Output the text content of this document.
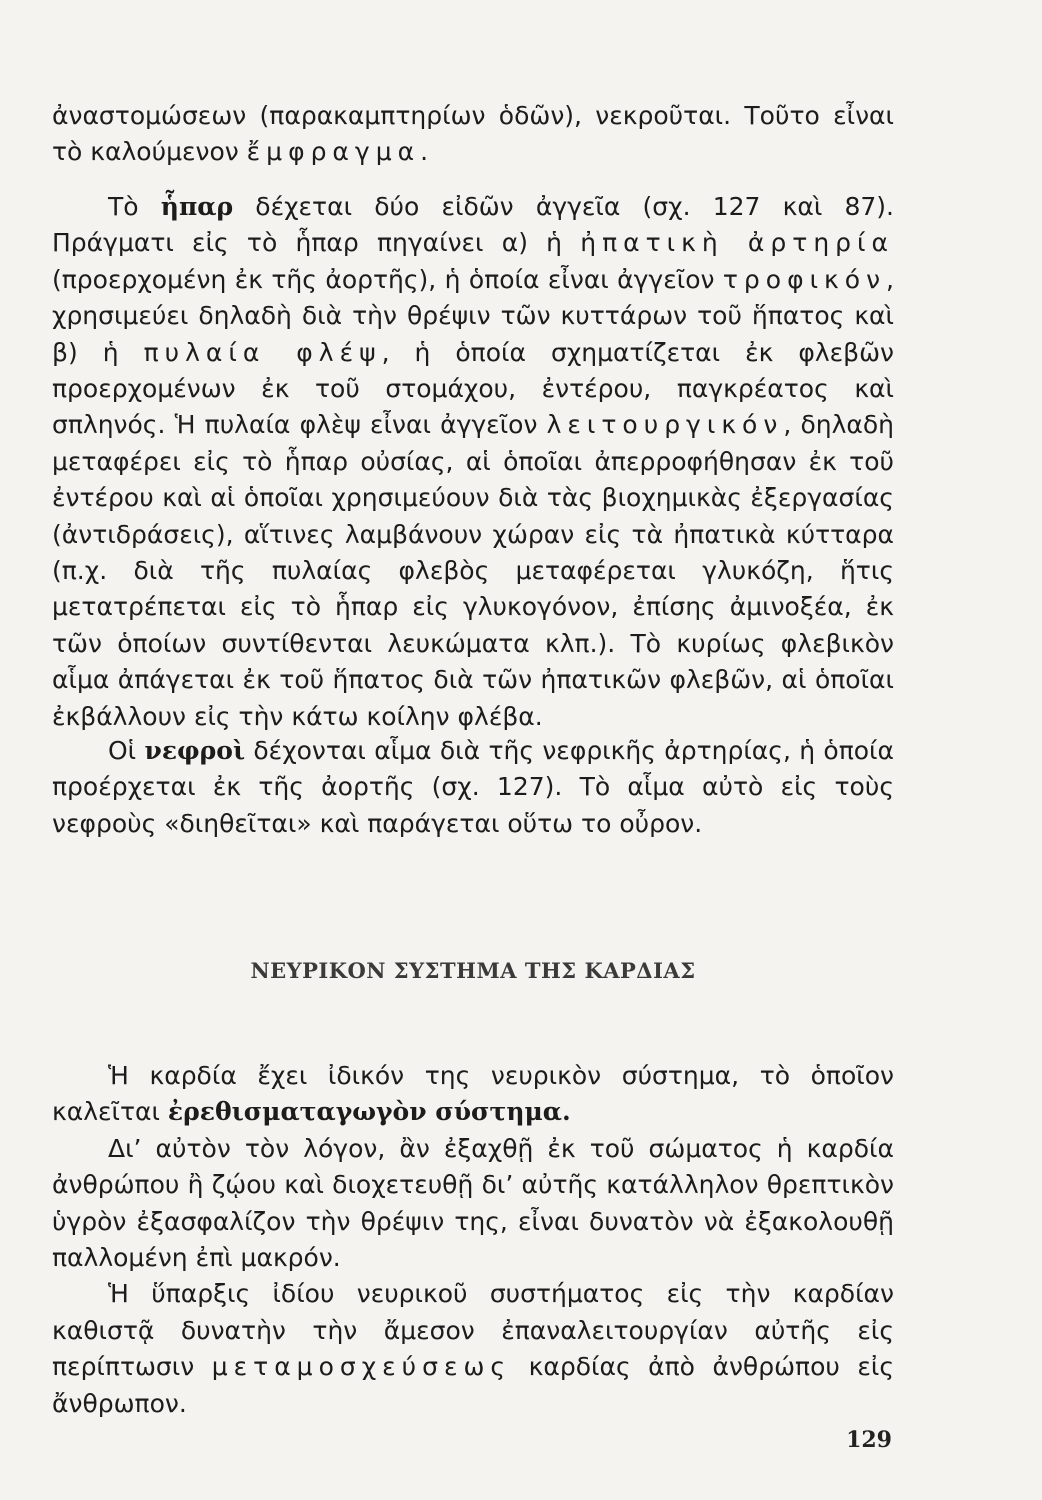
ἀναστομώσεων (παρακαμπτηρίων ὁδῶν), νεκροῦται. Τοῦτο εἶναι τὸ καλούμενον ἔμφραγμα.

Τὸ ἧπαρ δέχεται δύο εἰδῶν ἀγγεῖα (σχ. 127 καὶ 87). Πράγματι εἰς τὸ ἧπαρ πηγαίνει α) ἡ ἠπατικὴ ἀρτηρία (προερχομένη ἐκ τῆς ἀορτῆς), ἡ ὁποία εἶναι ἀγγεῖον τροφικόν, χρησιμεύει δηλαδὴ διὰ τὴν θρέψιν τῶν κυττάρων τοῦ ἥπατος καὶ β) ἡ πυλαία φλέψ, ἡ ὁποία σχηματίζεται ἐκ φλεβῶν προερχομένων ἐκ τοῦ στομάχου, ἐντέρου, παγκρέατος καὶ σπληνός. Ἡ πυλαία φλὲψ εἶναι ἀγγεῖον λειτουργικόν, δηλαδὴ μεταφέρει εἰς τὸ ἧπαρ οὐσίας, αἱ ὁποῖαι ἀπερροφήθησαν ἐκ τοῦ ἐντέρου καὶ αἱ ὁποῖαι χρησιμεύουν διὰ τὰς βιοχημικὰς ἐξεργασίας (ἀντιδράσεις), αἵτινες λαμβάνουν χώραν εἰς τὰ ἠπατικὰ κύτταρα (π.χ. διὰ τῆς πυλαίας φλεβὸς μεταφέρεται γλυκόζη, ἥτις μετατρέπεται εἰς τὸ ἧπαρ εἰς γλυκογόνον, ἐπίσης ἀμινοξέα, ἐκ τῶν ὁποίων συντίθενται λευκώματα κλπ.). Τὸ κυρίως φλεβικὸν αἷμα ἀπάγεται ἐκ τοῦ ἥπατος διὰ τῶν ἠπατικῶν φλεβῶν, αἱ ὁποῖαι ἐκβάλλουν εἰς τὴν κάτω κοίλην φλέβα.

Οἱ νεφροὶ δέχονται αἷμα διὰ τῆς νεφρικῆς ἀρτηρίας, ἡ ὁποία προέρχεται ἐκ τῆς ἀορτῆς (σχ. 127). Τὸ αἷμα αὐτὸ εἰς τοὺς νεφροὺς «διηθεῖται» καὶ παράγεται οὕτω το οὖρον.

ΝΕΥΡΙΚΟΝ ΣΥΣΤΗΜΑ ΤΗΣ ΚΑΡΔΙΑΣ

Ἡ καρδία ἔχει ἰδικόν της νευρικὸν σύστημα, τὸ ὁποῖον καλεῖται ἐρεθισματαγωγὸν σύστημα.

Δι’ αὐτὸν τὸν λόγον, ἂν ἐξαχθῇ ἐκ τοῦ σώματος ἡ καρδία ἀνθρώπου ἢ ζῴου καὶ διοχετευθῇ δι’ αὐτῆς κατάλληλον θρεπτικὸν ὑγρὸν ἐξασφαλίζον τὴν θρέψιν της, εἶναι δυνατὸν νὰ ἐξακολουθῇ παλλομένη ἐπὶ μακρόν.

Ἡ ὕπαρξις ἰδίου νευρικοῦ συστήματος εἰς τὴν καρδίαν καθιστᾷ δυνατὴν τὴν ἄμεσον ἐπαναλειτουργίαν αὐτῆς εἰς περίπτωσιν μεταμοσχεύσεως καρδίας ἀπὸ ἀνθρώπου εἰς ἄνθρωπον.

129
